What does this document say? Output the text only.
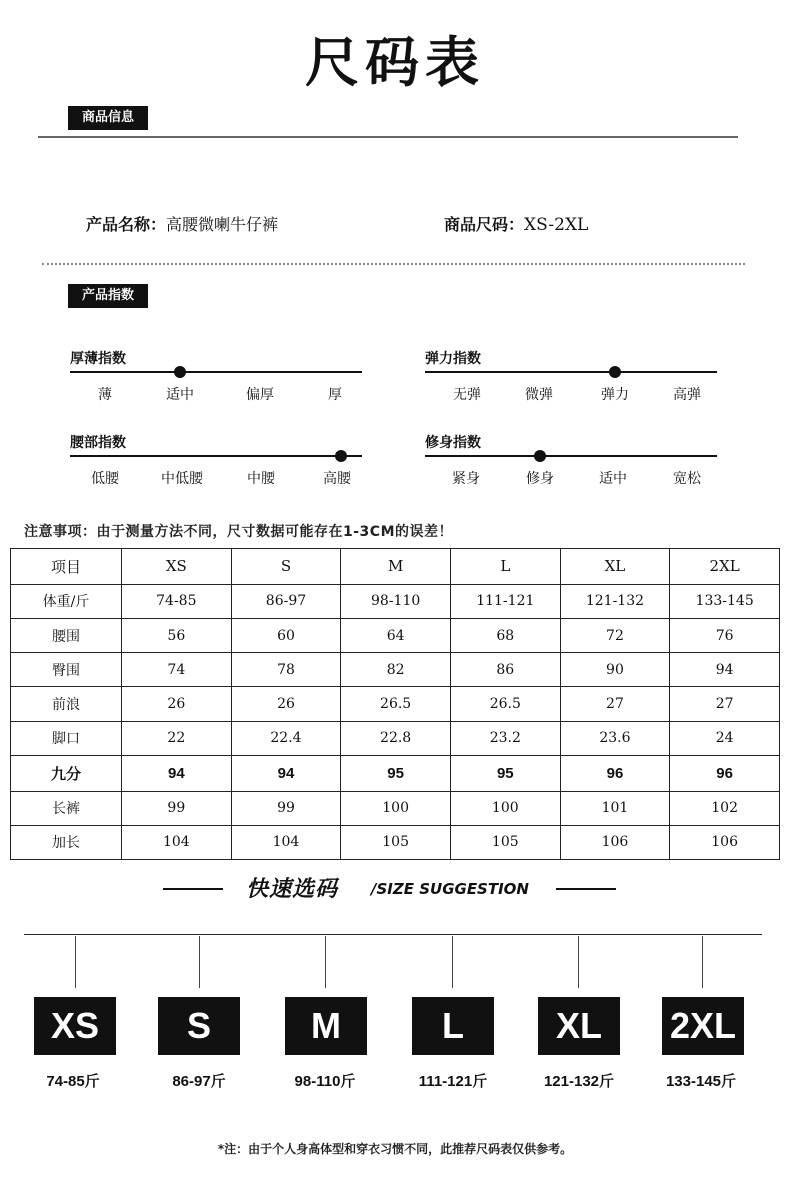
尺码表
商品信息
产品名称：高腰微喇牛仔裤	商品尺码：XS-2XL
产品指数
厚薄指数
薄	适中	偏厚	厚
弹力指数
无弹	微弹	弹力	高弹
腰部指数
低腰	中低腰	中腰	高腰
修身指数
紧身	修身	适中	宽松
注意事项：由于测量方法不同，尺寸数据可能存在1-3CM的误差！
项目	XS	S	M	L	XL	2XL
体重/斤	74-85	86-97	98-110	111-121	121-132	133-145
腰围	56	60	64	68	72	76
臀围	74	78	82	86	90	94
前浪	26	26	26.5	26.5	27	27
脚口	22	22.4	22.8	23.2	23.6	24
九分	94	94	95	95	96	96
长裤	99	99	100	100	101	102
加长	104	104	105	105	106	106
快速选码 /SIZE SUGGESTION
XS	S	M	L	XL	2XL
74-85斤	86-97斤	98-110斤	111-121斤	121-132斤	133-145斤
*注：由于个人身高体型和穿衣习惯不同，此推荐尺码表仅供参考。
